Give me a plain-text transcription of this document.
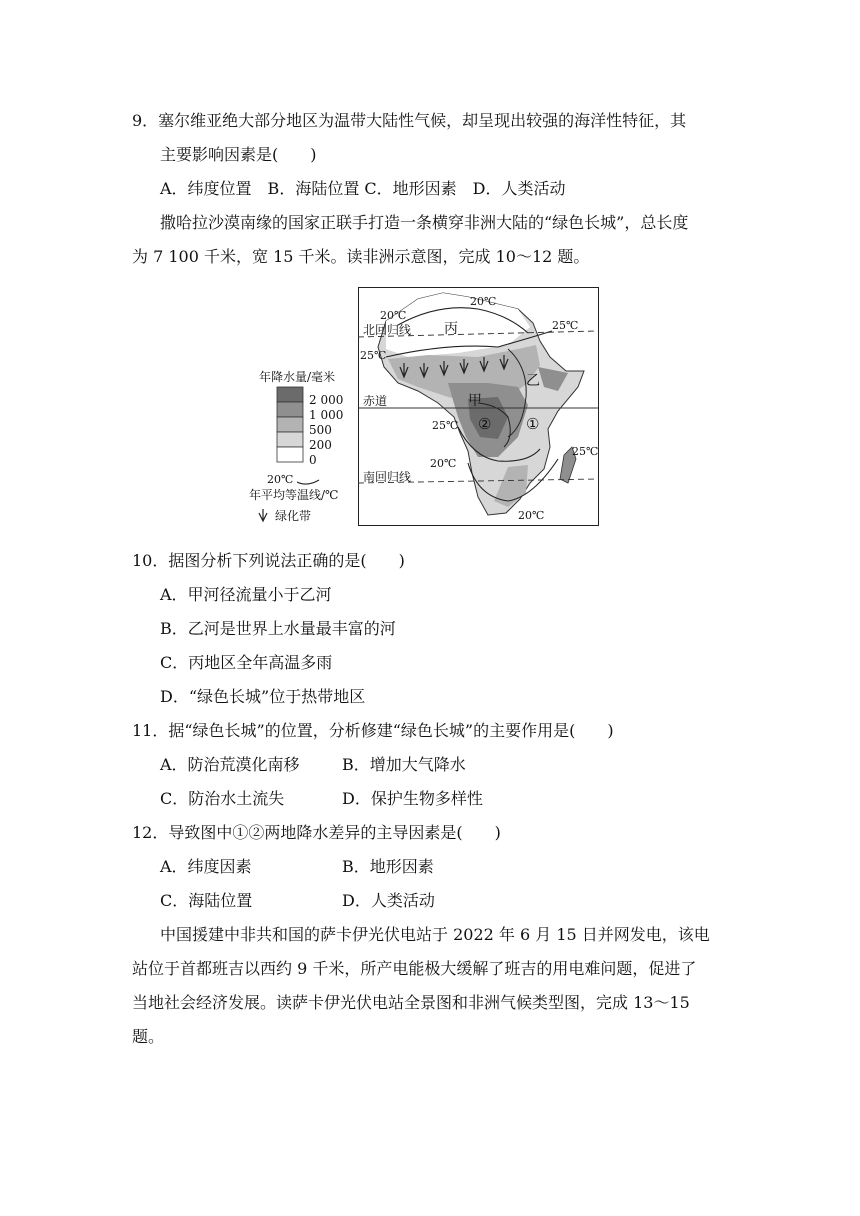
9．塞尔维亚绝大部分地区为温带大陆性气候，却呈现出较强的海洋性特征，其
主要影响因素是(　　)
A．纬度位置　B．海陆位置 C．地形因素　D．人类活动
撒哈拉沙漠南缘的国家正联手打造一条横穿非洲大陆的“绿色长城”，总长度
为 7 100 千米，宽 15 千米。读非洲示意图，完成 10～12 题。
年降水量/毫米
2 000
1 000
500
200
0
20℃
年平均等温线/℃
绿化带
北回归线
赤道
南回归线
丙
甲
乙
①
②
20℃
20℃
25℃
25℃
25℃
20℃
25℃
20℃
10．据图分析下列说法正确的是(　　)
A．甲河径流量小于乙河
B．乙河是世界上水量最丰富的河
C．丙地区全年高温多雨
D．“绿色长城”位于热带地区
11．据“绿色长城”的位置，分析修建“绿色长城”的主要作用是(　　)
A．防治荒漠化南移	B．增加大气降水
C．防治水土流失	D．保护生物多样性
12．导致图中①②两地降水差异的主导因素是(　　)
A．纬度因素	B．地形因素
C．海陆位置	D．人类活动
中国援建中非共和国的萨卡伊光伏电站于 2022 年 6 月 15 日并网发电，该电
站位于首都班吉以西约 9 千米，所产电能极大缓解了班吉的用电难问题，促进了
当地社会经济发展。读萨卡伊光伏电站全景图和非洲气候类型图，完成 13～15
题。
